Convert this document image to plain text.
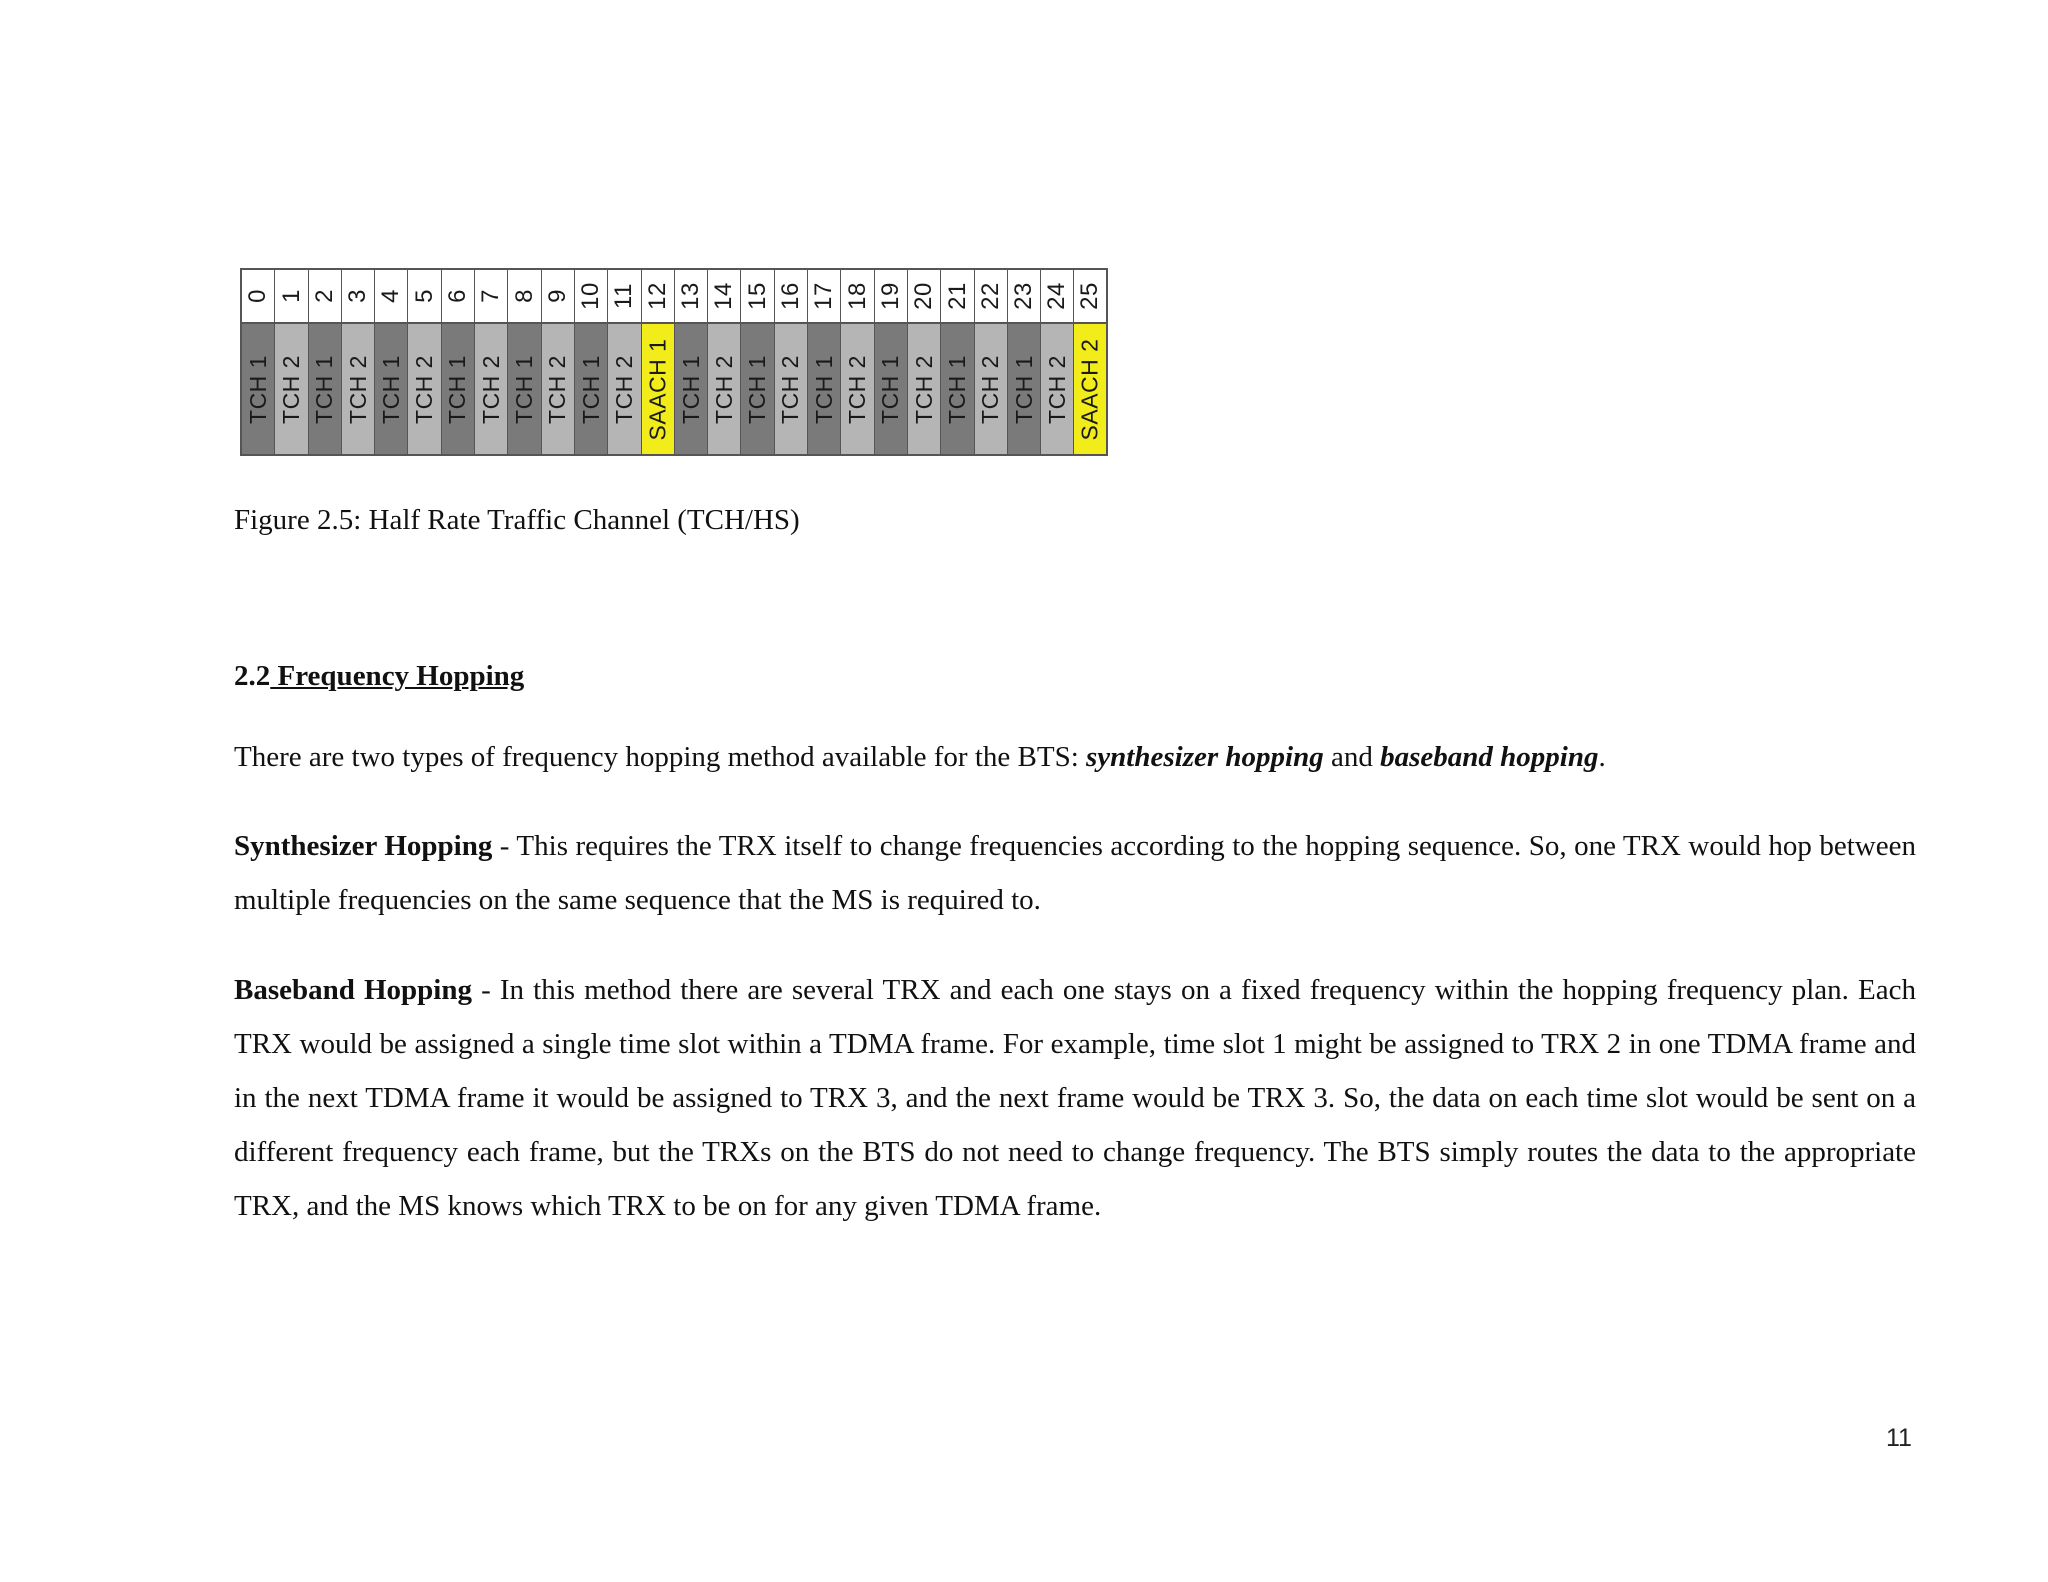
0
TCH 1
1
TCH 2
2
TCH 1
3
TCH 2
4
TCH 1
5
TCH 2
6
TCH 1
7
TCH 2
8
TCH 1
9
TCH 2
10
TCH 1
11
TCH 2
12
SAACH 1
13
TCH 1
14
TCH 2
15
TCH 1
16
TCH 2
17
TCH 1
18
TCH 2
19
TCH 1
20
TCH 2
21
TCH 1
22
TCH 2
23
TCH 1
24
TCH 2
25
SAACH 2
Figure 2.5: Half Rate Traffic Channel (TCH/HS)
2.2 Frequency Hopping

There are two types of frequency hopping method available for the BTS: synthesizer hopping and baseband hopping.

Synthesizer Hopping - This requires the TRX itself to change frequencies according to the hopping sequence. So, one TRX would hop between multiple frequencies on the same sequence that the MS is required to.

Baseband Hopping - In this method there are several TRX and each one stays on a fixed frequency within the hopping frequency plan. Each TRX would be assigned a single time slot within a TDMA frame. For example, time slot 1 might be assigned to TRX 2 in one TDMA frame and in the next TDMA frame it would be assigned to TRX 3, and the next frame would be TRX 3. So, the data on each time slot would be sent on a different frequency each frame, but the TRXs on the BTS do not need to change frequency. The BTS simply routes the data to the appropriate TRX, and the MS knows which TRX to be on for any given TDMA frame.

11
